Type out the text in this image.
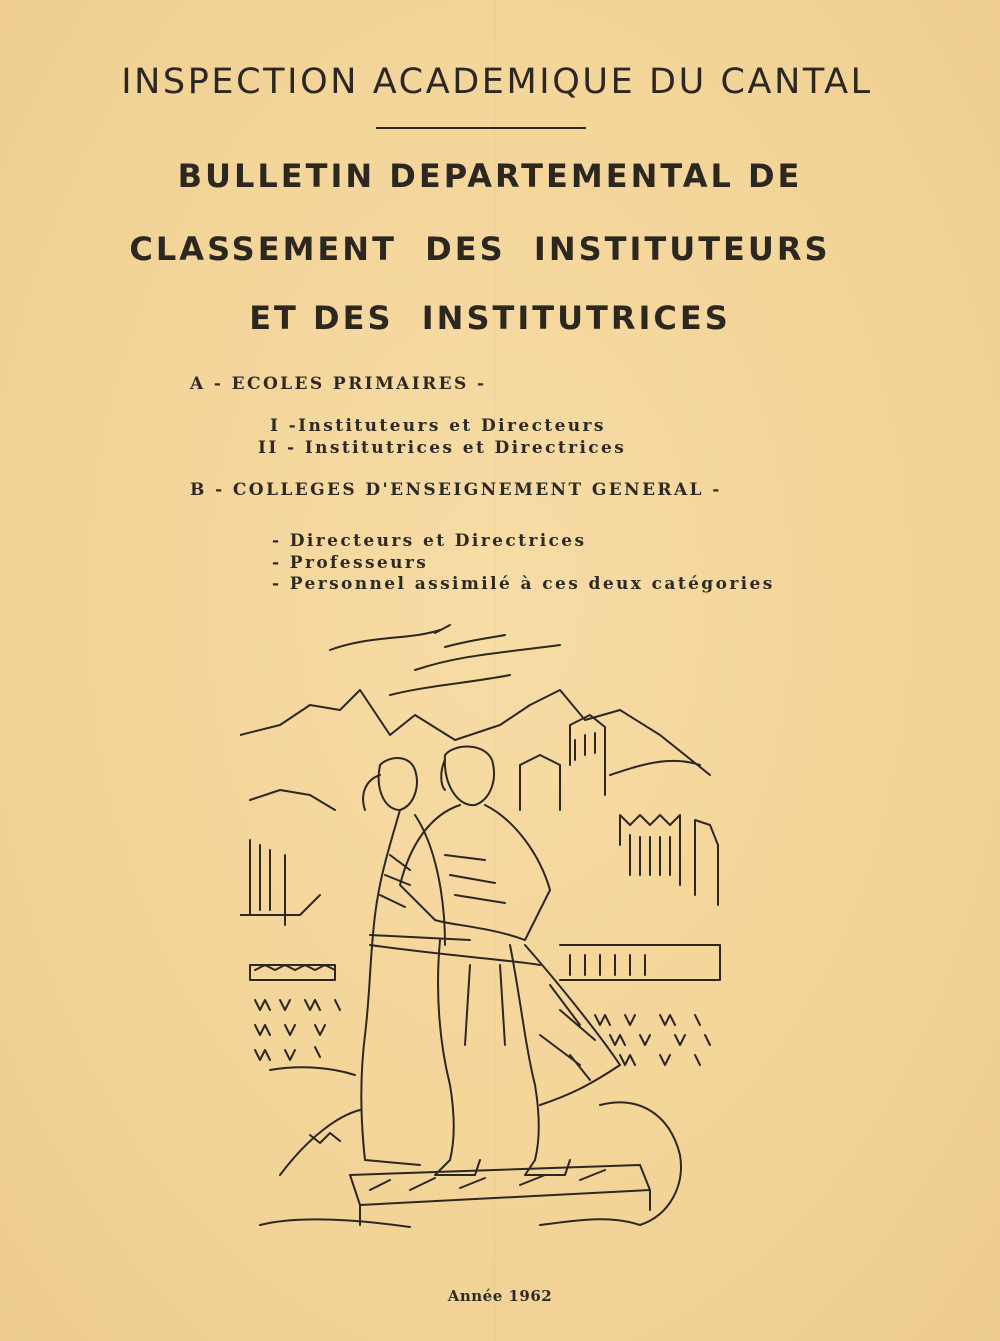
INSPECTION ACADEMIQUE DU CANTAL
BULLETIN DEPARTEMENTAL DE
CLASSEMENT  DES  INSTITUTEURS
ET DES  INSTITUTRICES
A - ECOLES PRIMAIRES -
I -Instituteurs et Directeurs
II - Institutrices et Directrices
B - COLLEGES D'ENSEIGNEMENT GENERAL -
- Directeurs et Directrices
- Professeurs
- Personnel assimilé à ces deux catégories
Année 1962
